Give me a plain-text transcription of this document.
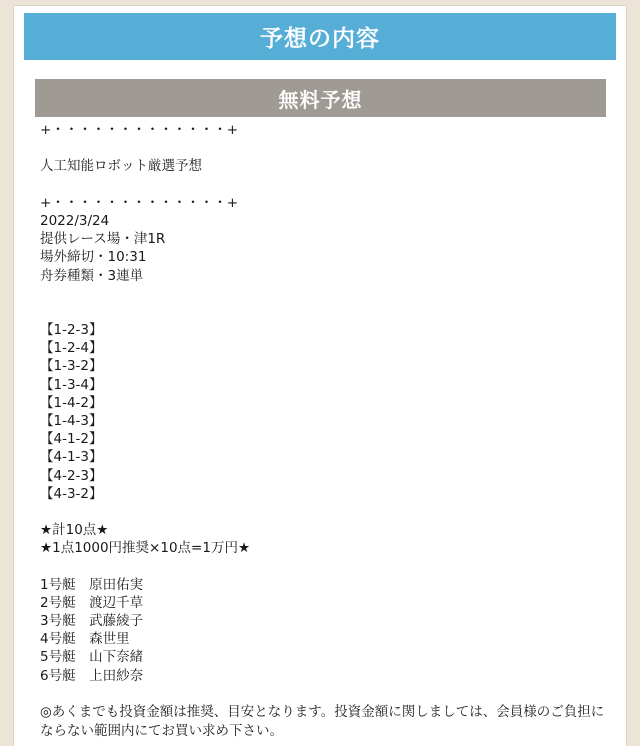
予想の内容
無料予想
+・・・・・・・・・・・・・+
人工知能ロボット厳選予想
+・・・・・・・・・・・・・+
2022/3/24
提供レース場・津1R
場外締切・10:31
舟券種類・3連単
【1-2-3】
【1-2-4】
【1-3-2】
【1-3-4】
【1-4-2】
【1-4-3】
【4-1-2】
【4-1-3】
【4-2-3】
【4-3-2】
★計10点★
★1点1000円推奨×10点=1万円★
1号艇　原田佑実
2号艇　渡辺千草
3号艇　武藤綾子
4号艇　森世里
5号艇　山下奈緒
6号艇　上田紗奈
◎あくまでも投資金額は推奨、目安となります。投資金額に関しましては、会員様のご負担にならない範囲内にてお買い求め下さい。
